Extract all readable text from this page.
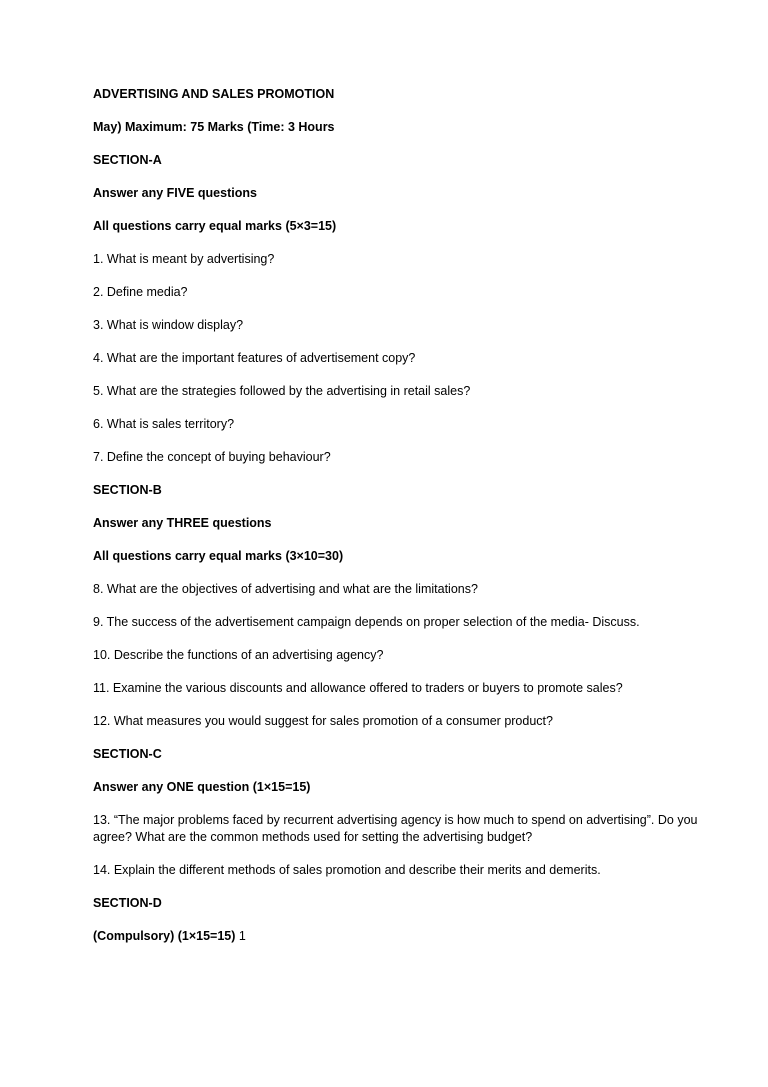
ADVERTISING AND SALES PROMOTION
May) Maximum: 75 Marks (Time: 3 Hours
SECTION-A
Answer any FIVE questions
All questions carry equal marks (5×3=15)
1. What is meant by advertising?
2. Define media?
3. What is window display?
4. What are the important features of advertisement copy?
5. What are the strategies followed by the advertising in retail sales?
6. What is sales territory?
7. Define the concept of buying behaviour?
SECTION-B
Answer any THREE questions
All questions carry equal marks (3×10=30)
8. What are the objectives of advertising and what are the limitations?
9. The success of the advertisement campaign depends on proper selection of the media- Discuss.
10. Describe the functions of an advertising agency?
11. Examine the various discounts and allowance offered to traders or buyers to promote sales?
12. What measures you would suggest for sales promotion of a consumer product?
SECTION-C
Answer any ONE question (1×15=15)
13. “The major problems faced by recurrent advertising agency is how much to spend on advertising”. Do you agree? What are the common methods used for setting the advertising budget?
14. Explain the different methods of sales promotion and describe their merits and demerits.
SECTION-D
(Compulsory) (1×15=15) 1
